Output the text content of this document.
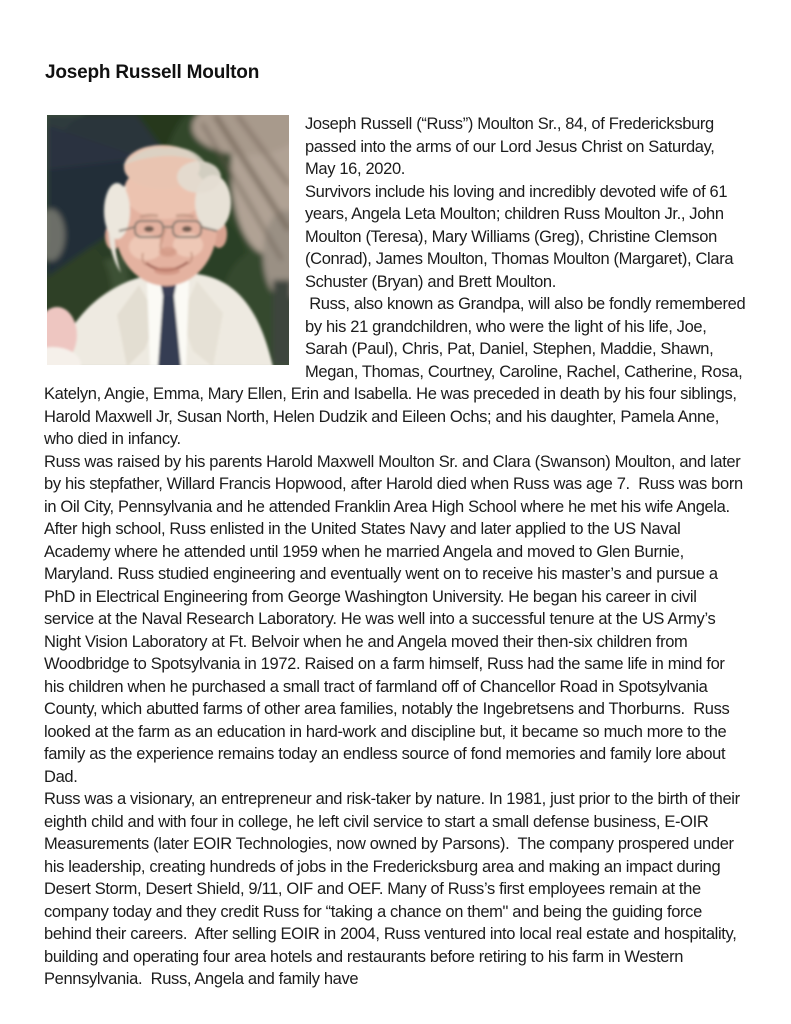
Joseph Russell Moulton

Joseph Russell (“Russ”) Moulton Sr., 84, of Fredericksburg passed into the arms of our Lord Jesus Christ on Saturday, May 16, 2020.

Survivors include his loving and incredibly devoted wife of 61 years, Angela Leta Moulton; children Russ Moulton Jr., John Moulton (Teresa), Mary Williams (Greg), Christine Clemson (Conrad), James Moulton, Thomas Moulton (Margaret), Clara Schuster (Bryan) and Brett Moulton.

Russ, also known as Grandpa, will also be fondly remembered by his 21 grandchildren, who were the light of his life, Joe, Sarah (Paul), Chris, Pat, Daniel, Stephen, Maddie, Shawn, Megan, Thomas, Courtney, Caroline, Rachel, Catherine, Rosa, Katelyn, Angie, Emma, Mary Ellen, Erin and Isabella. He was preceded in death by his four siblings, Harold Maxwell Jr, Susan North, Helen Dudzik and Eileen Ochs; and his daughter, Pamela Anne, who died in infancy.

Russ was raised by his parents Harold Maxwell Moulton Sr. and Clara (Swanson) Moulton, and later by his stepfather, Willard Francis Hopwood, after Harold died when Russ was age 7.  Russ was born in Oil City, Pennsylvania and he attended Franklin Area High School where he met his wife Angela. After high school, Russ enlisted in the United States Navy and later applied to the US Naval Academy where he attended until 1959 when he married Angela and moved to Glen Burnie, Maryland. Russ studied engineering and eventually went on to receive his master’s and pursue a PhD in Electrical Engineering from George Washington University. He began his career in civil service at the Naval Research Laboratory. He was well into a successful tenure at the US Army’s Night Vision Laboratory at Ft. Belvoir when he and Angela moved their then-six children from Woodbridge to Spotsylvania in 1972. Raised on a farm himself, Russ had the same life in mind for his children when he purchased a small tract of farmland off of Chancellor Road in Spotsylvania County, which abutted farms of other area families, notably the Ingebretsens and Thorburns.  Russ looked at the farm as an education in hard-work and discipline but, it became so much more to the family as the experience remains today an endless source of fond memories and family lore about Dad.

Russ was a visionary, an entrepreneur and risk-taker by nature. In 1981, just prior to the birth of their eighth child and with four in college, he left civil service to start a small defense business, E-OIR Measurements (later EOIR Technologies, now owned by Parsons).  The company prospered under his leadership, creating hundreds of jobs in the Fredericksburg area and making an impact during Desert Storm, Desert Shield, 9/11, OIF and OEF. Many of Russ’s first employees remain at the company today and they credit Russ for “taking a chance on them" and being the guiding force behind their careers.  After selling EOIR in 2004, Russ ventured into local real estate and hospitality, building and operating four area hotels and restaurants before retiring to his farm in Western Pennsylvania.  Russ, Angela and family have
